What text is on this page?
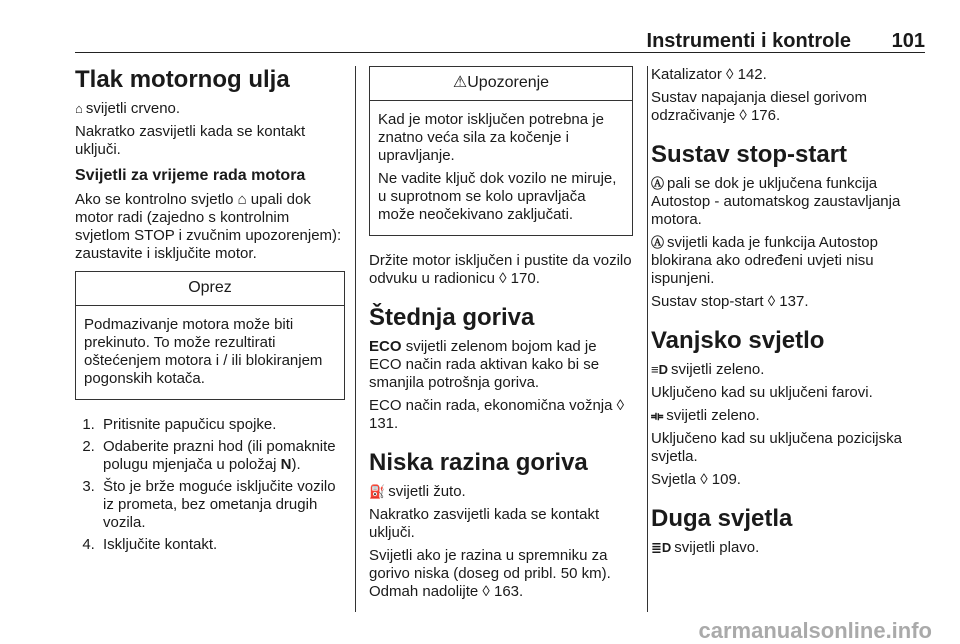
Instrumenti i kontrole 101
Tlak motornog ulja

⌂ svijetli crveno.

Nakratko zasvijetli kada se kontakt uključi.

Svijetli za vrijeme rada motora

Ako se kontrolno svjetlo ⌂ upali dok motor radi (zajedno s kontrolnim svjetlom STOP i zvučnim upozorenjem): zaustavite i isključite motor.

Oprez

Podmazivanje motora može biti prekinuto. To može rezultirati oštećenjem motora i / ili blokiranjem pogonskih kotača.

1. Pritisnite papučicu spojke.
2. Odaberite prazni hod (ili pomaknite polugu mjenjača u položaj N).
3. Što je brže moguće isključite vozilo iz prometa, bez ometanja drugih vozila.
4. Isključite kontakt.
⚠Upozorenje

Kad je motor isključen potrebna je znatno veća sila za kočenje i upravljanje.

Ne vadite ključ dok vozilo ne miruje, u suprotnom se kolo upravljača može neočekivano zaključati.

Držite motor isključen i pustite da vozilo odvuku u radionicu ◊ 170.

Štednja goriva

ECO svijetli zelenom bojom kad je ECO način rada aktivan kako bi se smanjila potrošnja goriva.

ECO način rada, ekonomična vožnja ◊ 131.

Niska razina goriva

⛽ svijetli žuto.

Nakratko zasvijetli kada se kontakt uključi.

Svijetli ako je razina u spremniku za gorivo niska (doseg od pribl. 50 km). Odmah nadolijte ◊ 163.

Katalizator ◊ 142.

Sustav napajanja diesel gorivom odzračivanje ◊ 176.

Sustav stop-start

Ⓐ pali se dok je uključena funkcija Autostop - automatskog zaustavljanja motora.

Ⓐ svijetli kada je funkcija Autostop blokirana ako određeni uvjeti nisu ispunjeni.

Sustav stop-start ◊ 137.

Vanjsko svjetlo

≡D svijetli zeleno.

Uključeno kad su uključeni farovi.

⟚ svijetli zeleno.

Uključeno kad su uključena pozicijska svjetla.

Svjetla ◊ 109.

Duga svjetla

≣D svijetli plavo.

carmanualsonline.info
